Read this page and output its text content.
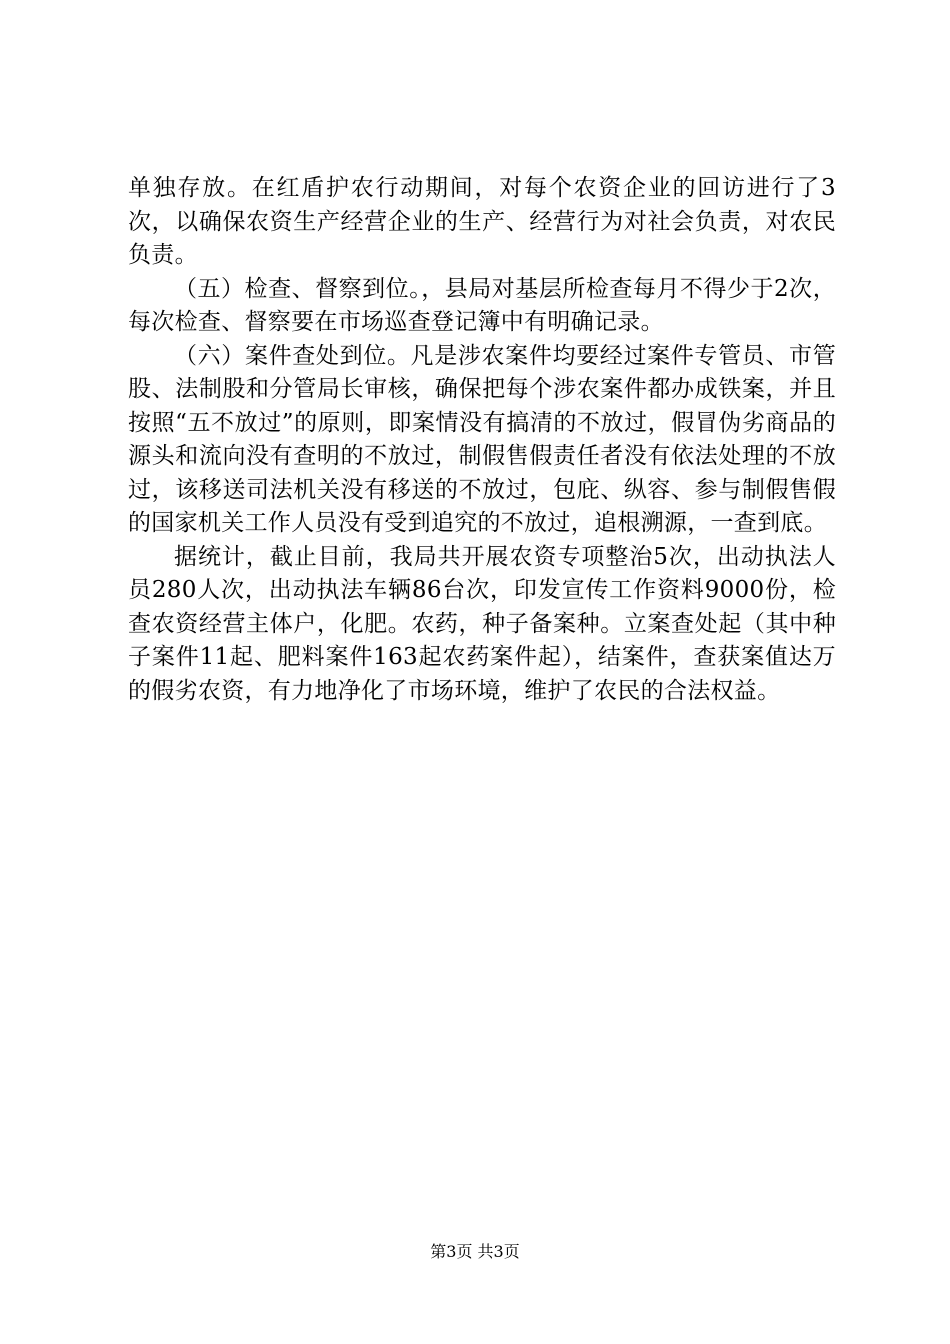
单独存放。在红盾护农行动期间，对每个农资企业的回访进行了3次，以确保农资生产经营企业的生产、经营行为对社会负责，对农民负责。

（五）检查、督察到位。，县局对基层所检查每月不得少于2次，每次检查、督察要在市场巡查登记簿中有明确记录。

（六）案件查处到位。凡是涉农案件均要经过案件专管员、市管股、法制股和分管局长审核，确保把每个涉农案件都办成铁案，并且按照“五不放过”的原则，即案情没有搞清的不放过，假冒伪劣商品的源头和流向没有查明的不放过，制假售假责任者没有依法处理的不放过，该移送司法机关没有移送的不放过，包庇、纵容、参与制假售假的国家机关工作人员没有受到追究的不放过，追根溯源，一查到底。

据统计，截止目前，我局共开展农资专项整治5次，出动执法人员280人次，出动执法车辆86台次，印发宣传工作资料9000份，检查农资经营主体户，化肥。农药，种子备案种。立案查处起（其中种子案件11起、肥料案件163起农药案件起），结案件，查获案值达万的假劣农资，有力地净化了市场环境，维护了农民的合法权益。

第3页 共3页
